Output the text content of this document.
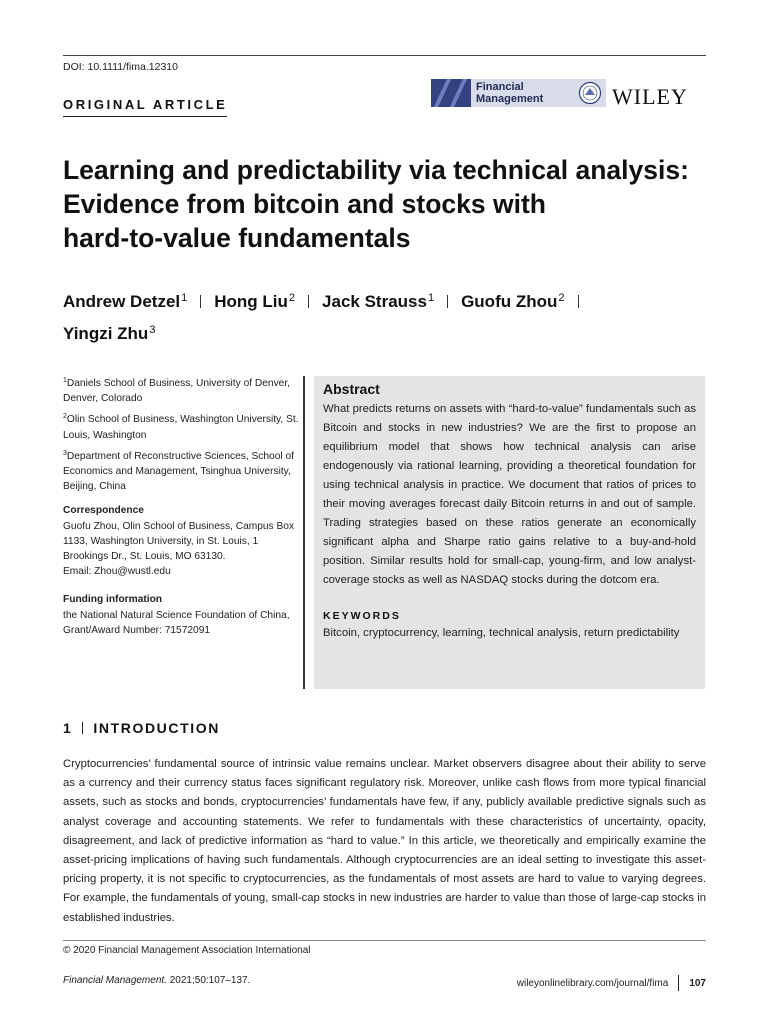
DOI: 10.1111/fima.12310
ORIGINAL ARTICLE
Financial
Management	WILEY
Learning and predictability via technical analysis:
Evidence from bitcoin and stocks with
hard-to-value fundamentals
Andrew Detzel$^1$ Hong Liu$^2$ Jack Strauss$^1$ Guofu Zhou$^2$
Yingzi Zhu$^3$
$^1$Daniels School of Business, University of Denver, Denver, Colorado
$^2$Olin School of Business, Washington University, St. Louis, Washington
$^3$Department of Reconstructive Sciences, School of Economics and Management, Tsinghua University, Beijing, China
Correspondence
Guofu Zhou, Olin School of Business, Campus Box 1133, Washington University, in St. Louis, 1 Brookings Dr., St. Louis, MO 63130.
Email: Zhou@wustl.edu
Funding information
the National Natural Science Foundation of China, Grant/Award Number: 71572091
Abstract

What predicts returns on assets with “hard-to-value” fundamentals such as Bitcoin and stocks in new industries? We are the first to propose an equilibrium model that shows how technical analysis can arise endogenously via rational learning, providing a theoretical foundation for using technical analysis in practice. We document that ratios of prices to their moving averages forecast daily Bitcoin returns in and out of sample. Trading strategies based on these ratios generate an economically significant alpha and Sharpe ratio gains relative to a buy-and-hold position. Similar results hold for small-cap, young-firm, and low analyst-coverage stocks as well as NASDAQ stocks during the dotcom era.

KEYWORDS

Bitcoin, cryptocurrency, learning, technical analysis, return predictability

1 INTRODUCTION

Cryptocurrencies’ fundamental source of intrinsic value remains unclear. Market observers disagree about their ability to serve as a currency and their currency status faces significant regulatory risk. Moreover, unlike cash flows from more typical financial assets, such as stocks and bonds, cryptocurrencies’ fundamentals have few, if any, publicly available predictive signals such as analyst coverage and accounting statements. We refer to fundamentals with these characteristics of uncertainty, opacity, disagreement, and lack of predictive information as “hard to value.” In this article, we theoretically and empirically examine the asset-pricing implications of having such fundamentals. Although cryptocurrencies are an ideal setting to investigate this asset-pricing property, it is not specific to cryptocurrencies, as the fundamentals of most assets are hard to value to varying degrees. For example, the fundamentals of young, small-cap stocks in new industries are harder to value than those of large-cap stocks in established industries.

© 2020 Financial Management Association International
Financial Management. 2021;50:107–137.	wileyonlinelibrary.com/journal/fima 107
